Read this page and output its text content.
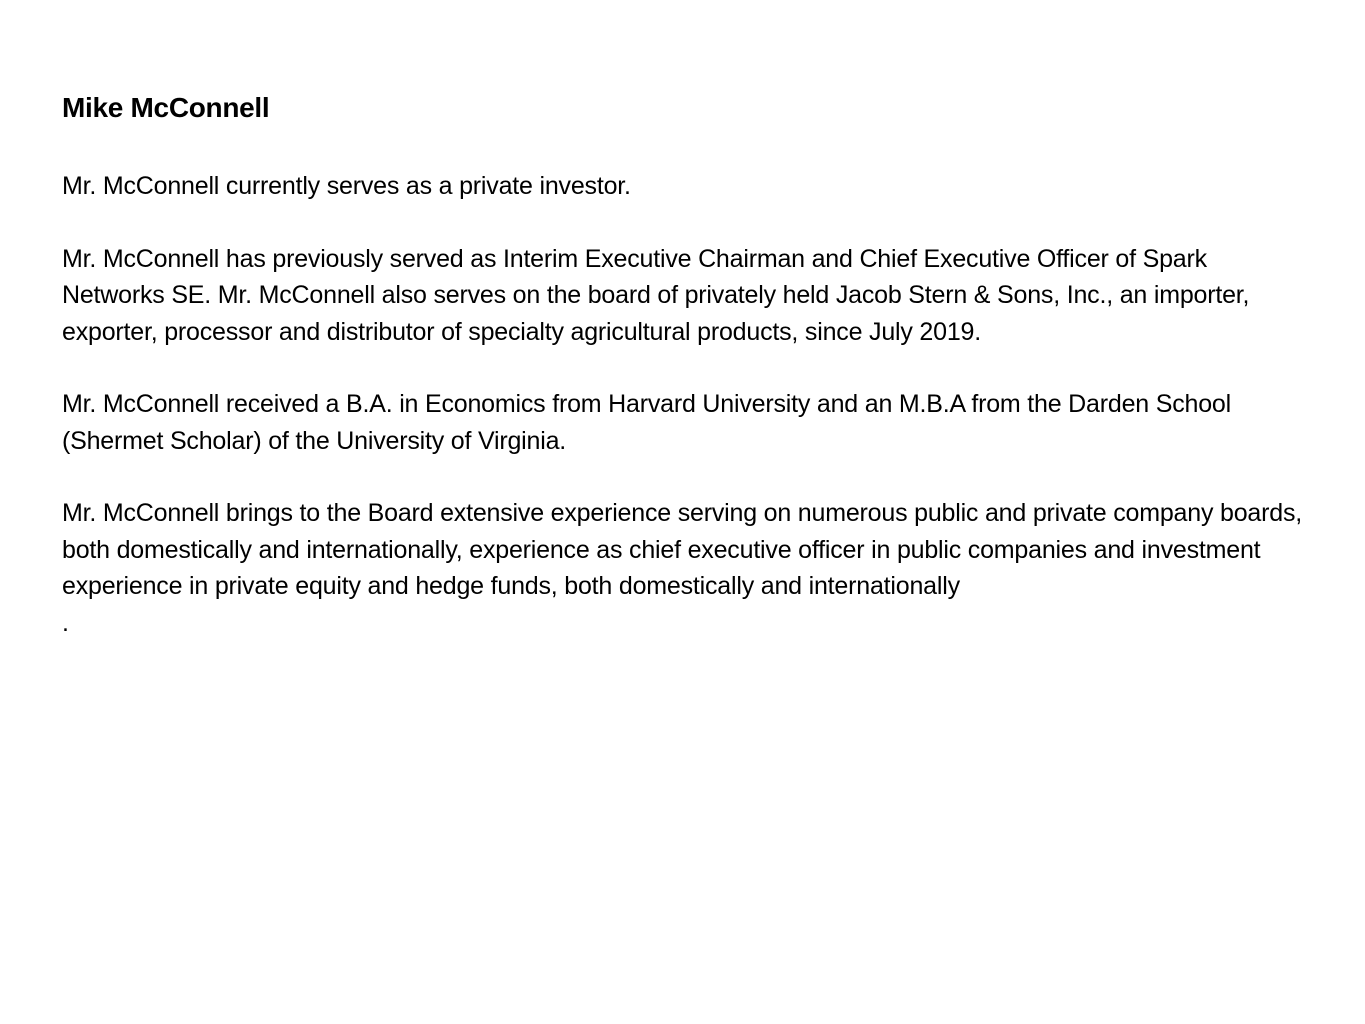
Mike McConnell

Mr. McConnell currently serves as a private investor.

Mr. McConnell has previously served as Interim Executive Chairman and Chief Executive Officer of Spark Networks SE. Mr. McConnell also serves on the board of privately held Jacob Stern & Sons, Inc., an importer, exporter, processor and distributor of specialty agricultural products, since July 2019.

Mr. McConnell received a B.A. in Economics from Harvard University and an M.B.A from the Darden School (Shermet Scholar) of the University of Virginia.

Mr. McConnell brings to the Board extensive experience serving on numerous public and private company boards, both domestically and internationally, experience as chief executive officer in public companies and investment experience in private equity and hedge funds, both domestically and internationally

.
